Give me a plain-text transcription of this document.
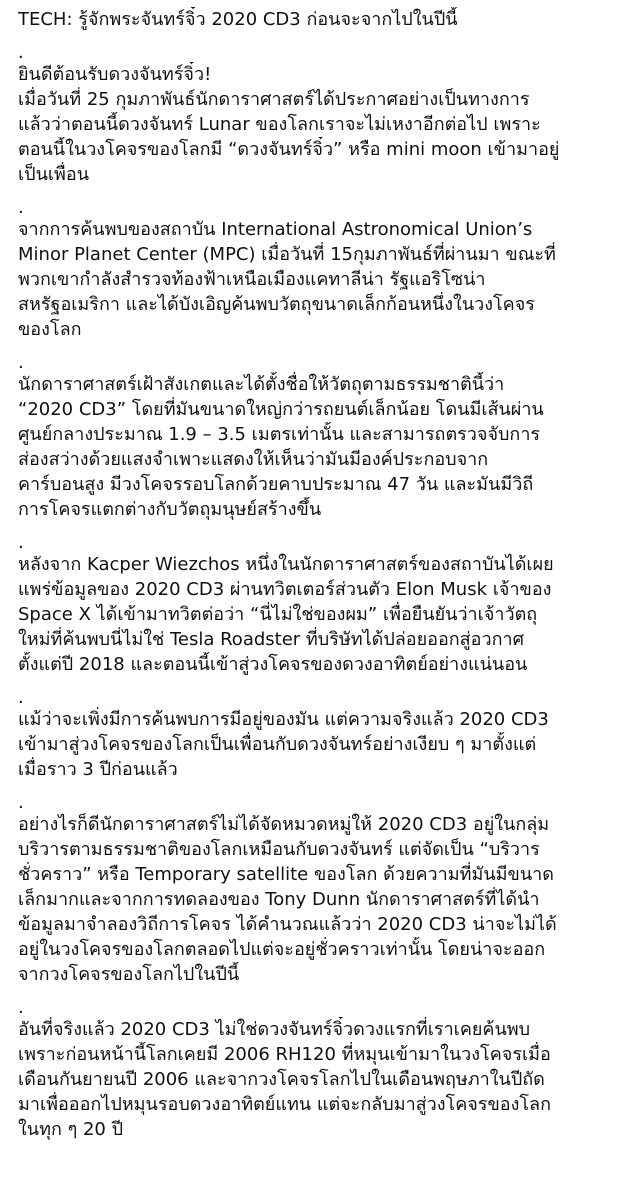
TECH: รู้จักพระจันทร์จิ๋ว 2020 CD3 ก่อนจะจากไปในปีนี้
.
ยินดีต้อนรับดวงจันทร์จิ๋ว!
เมื่อวันที่ 25 กุมภาพันธ์นักดาราศาสตร์ได้ประกาศอย่างเป็นทางการ
แล้วว่าตอนนี้ดวงจันทร์ Lunar ของโลกเราจะไม่เหงาอีกต่อไป เพราะ
ตอนนี้ในวงโคจรของโลกมี “ดวงจันทร์จิ๋ว” หรือ mini moon เข้ามาอยู่
เป็นเพื่อน
.
จากการค้นพบของสถาบัน International Astronomical Union’s
Minor Planet Center (MPC) เมื่อวันที่ 15กุมภาพันธ์ที่ผ่านมา ขณะที่
พวกเขากำลังสำรวจท้องฟ้าเหนือเมืองแคทาลีน่า รัฐแอริโซน่า
สหรัฐอเมริกา และได้บังเอิญค้นพบวัตถุขนาดเล็กก้อนหนึ่งในวงโคจร
ของโลก
.
นักดาราศาสตร์เฝ้าสังเกตและได้ตั้งชื่อให้วัตถุตามธรรมชาตินี้ว่า
“2020 CD3” โดยที่มันขนาดใหญ่กว่ารถยนต์เล็กน้อย โดนมีเส้นผ่าน
ศูนย์กลางประมาณ 1.9 – 3.5 เมตรเท่านั้น และสามารถตรวจจับการ
ส่องสว่างด้วยแสงจำเพาะแสดงให้เห็นว่ามันมีองค์ประกอบจาก
คาร์บอนสูง มีวงโคจรรอบโลกด้วยคาบประมาณ 47 วัน และมันมีวิถี
การโคจรแตกต่างกับวัตถุมนุษย์สร้างขึ้น
.
หลังจาก Kacper Wiezchos หนึ่งในนักดาราศาสตร์ของสถาบันได้เผย
แพร่ข้อมูลของ 2020 CD3 ผ่านทวิตเตอร์ส่วนตัว Elon Musk เจ้าของ
Space X ได้เข้ามาทวิตต่อว่า “นี่ไม่ใช่ของผม” เพื่อยืนยันว่าเจ้าวัตถุ
ใหม่ที่ค้นพบนี่ไม่ใช่ Tesla Roadster ที่บริษัทได้ปล่อยออกสู่อวกาศ
ตั้งแต่ปี 2018 และตอนนี้เข้าสู่วงโคจรของดวงอาทิตย์อย่างแน่นอน
.
แม้ว่าจะเพิ่งมีการค้นพบการมีอยู่ของมัน แต่ความจริงแล้ว 2020 CD3
เข้ามาสู่วงโคจรของโลกเป็นเพื่อนกับดวงจันทร์อย่างเงียบ ๆ มาตั้งแต่
เมื่อราว 3 ปีก่อนแล้ว
.
อย่างไรก็ดีนักดาราศาสตร์ไม่ได้จัดหมวดหมู่ให้ 2020 CD3 อยู่ในกลุ่ม
บริวารตามธรรมชาติของโลกเหมือนกับดวงจันทร์ แต่จัดเป็น “บริวาร
ชั่วคราว” หรือ Temporary satellite ของโลก ด้วยความที่มันมีขนาด
เล็กมากและจากการทดลองของ Tony Dunn นักดาราศาสตร์ที่ได้นำ
ข้อมูลมาจำลองวิถีการโคจร ได้คำนวณแล้วว่า 2020 CD3 น่าจะไม่ได้
อยู่ในวงโคจรของโลกตลอดไปแต่จะอยู่ชั่วคราวเท่านั้น โดยน่าจะออก
จากวงโคจรของโลกไปในปีนี้
.
อันที่จริงแล้ว 2020 CD3 ไม่ใช่ดวงจันทร์จิ๋วดวงแรกที่เราเคยค้นพบ
เพราะก่อนหน้านี้โลกเคยมี 2006 RH120 ที่หมุนเข้ามาในวงโคจรเมื่อ
เดือนกันยายนปี 2006 และจากวงโคจรโลกไปในเดือนพฤษภาในปีถัด
มาเพื่อออกไปหมุนรอบดวงอาทิตย์แทน แต่จะกลับมาสู่วงโคจรของโลก
ในทุก ๆ 20 ปี
